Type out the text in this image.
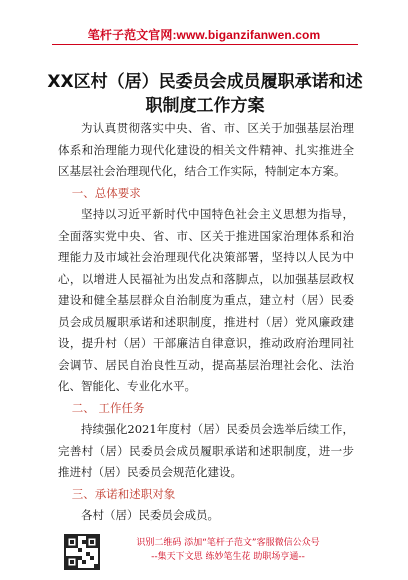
笔杆子范文官网:www.biganzifanwen.com
XX区村（居）民委员会成员履职承诺和述
职制度工作方案

为认真贯彻落实中央、省、市、区关于加强基层治理体系和治理能力现代化建设的相关文件精神、扎实推进全区基层社会治理现代化，结合工作实际，特制定本方案。

一、总体要求

坚持以习近平新时代中国特色社会主义思想为指导，全面落实党中央、省、市、区关于推进国家治理体系和治理能力及市域社会治理现代化决策部署，坚持以人民为中心，以增进人民福祉为出发点和落脚点，以加强基层政权建设和健全基层群众自治制度为重点，建立村（居）民委员会成员履职承诺和述职制度，推进村（居）党风廉政建设，提升村（居）干部廉洁自律意识，推动政府治理同社会调节、居民自治良性互动，提高基层治理社会化、法治化、智能化、专业化水平。

二、 工作任务

持续强化2021年度村（居）民委员会选举后续工作，完善村（居）民委员会成员履职承诺和述职制度，进一步推进村（居）民委员会规范化建设。

三、承诺和述职对象

各村（居）民委员会成员。

识别二维码 添加“笔杆子范文”客服微信公众号
--集天下文思 练妙笔生花 助职场亨通--
